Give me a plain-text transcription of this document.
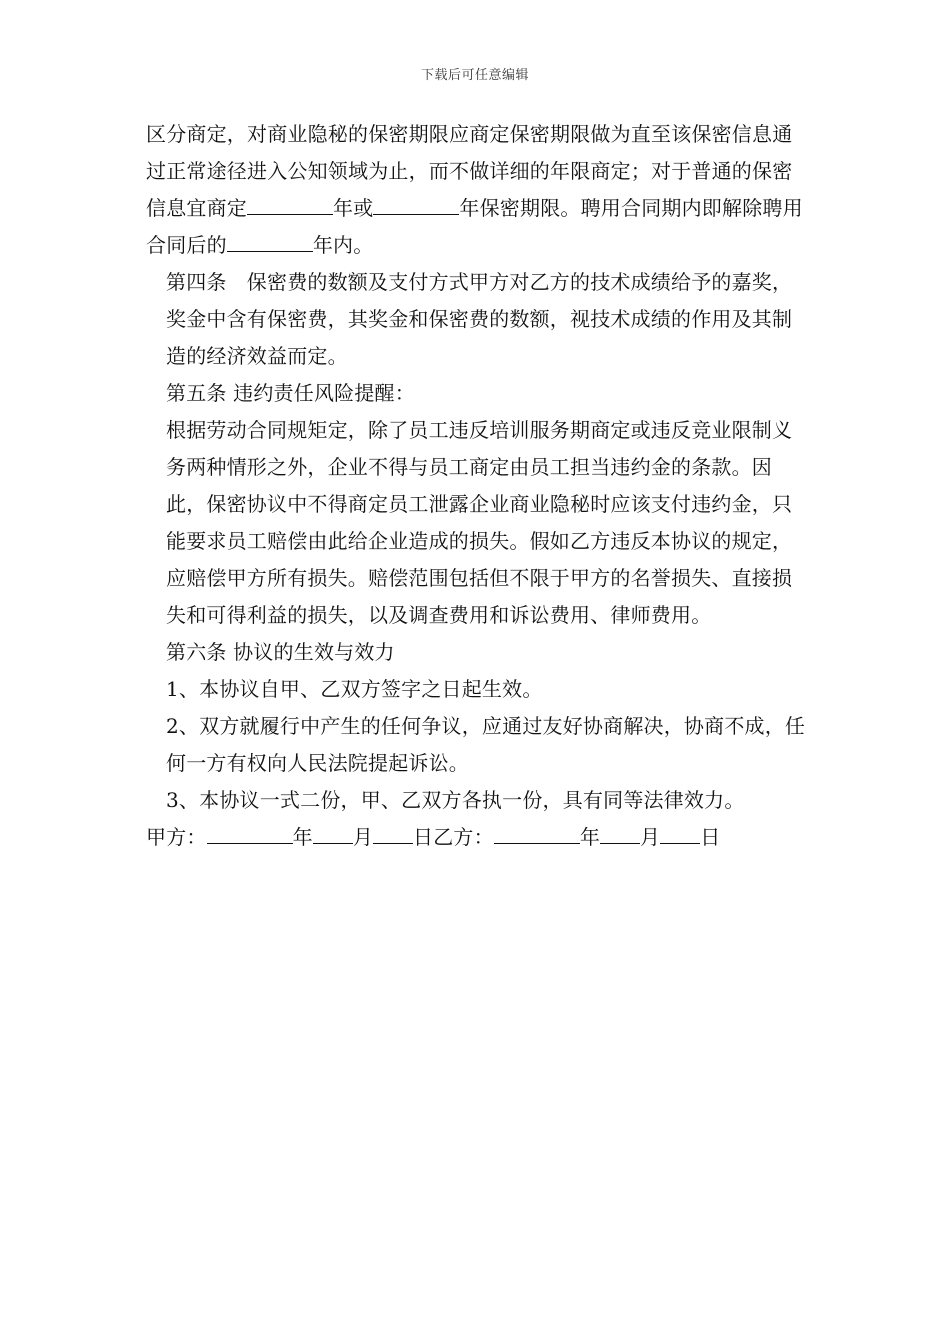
下载后可任意编辑

区分商定，对商业隐秘的保密期限应商定保密期限做为直至该保密信息通过正常途径进入公知领域为止，而不做详细的年限商定；对于普通的保密信息宜商定	年或	年保密期限。聘用合同期内即解除聘用合同后的	年内。

第四条　保密费的数额及支付方式甲方对乙方的技术成绩给予的嘉奖，奖金中含有保密费，其奖金和保密费的数额，视技术成绩的作用及其制造的经济效益而定。

第五条 违约责任风险提醒：

根据劳动合同规矩定，除了员工违反培训服务期商定或违反竞业限制义务两种情形之外，企业不得与员工商定由员工担当违约金的条款。因此，保密协议中不得商定员工泄露企业商业隐秘时应该支付违约金，只能要求员工赔偿由此给企业造成的损失。假如乙方违反本协议的规定，应赔偿甲方所有损失。赔偿范围包括但不限于甲方的名誉损失、直接损失和可得利益的损失，以及调查费用和诉讼费用、律师费用。

第六条 协议的生效与效力

1、本协议自甲、乙双方签字之日起生效。

2、双方就履行中产生的任何争议，应通过友好协商解决，协商不成，任何一方有权向人民法院提起诉讼。

3、本协议一式二份，甲、乙双方各执一份，具有同等法律效力。

甲方：	年 月 日乙方：	年 月 日
